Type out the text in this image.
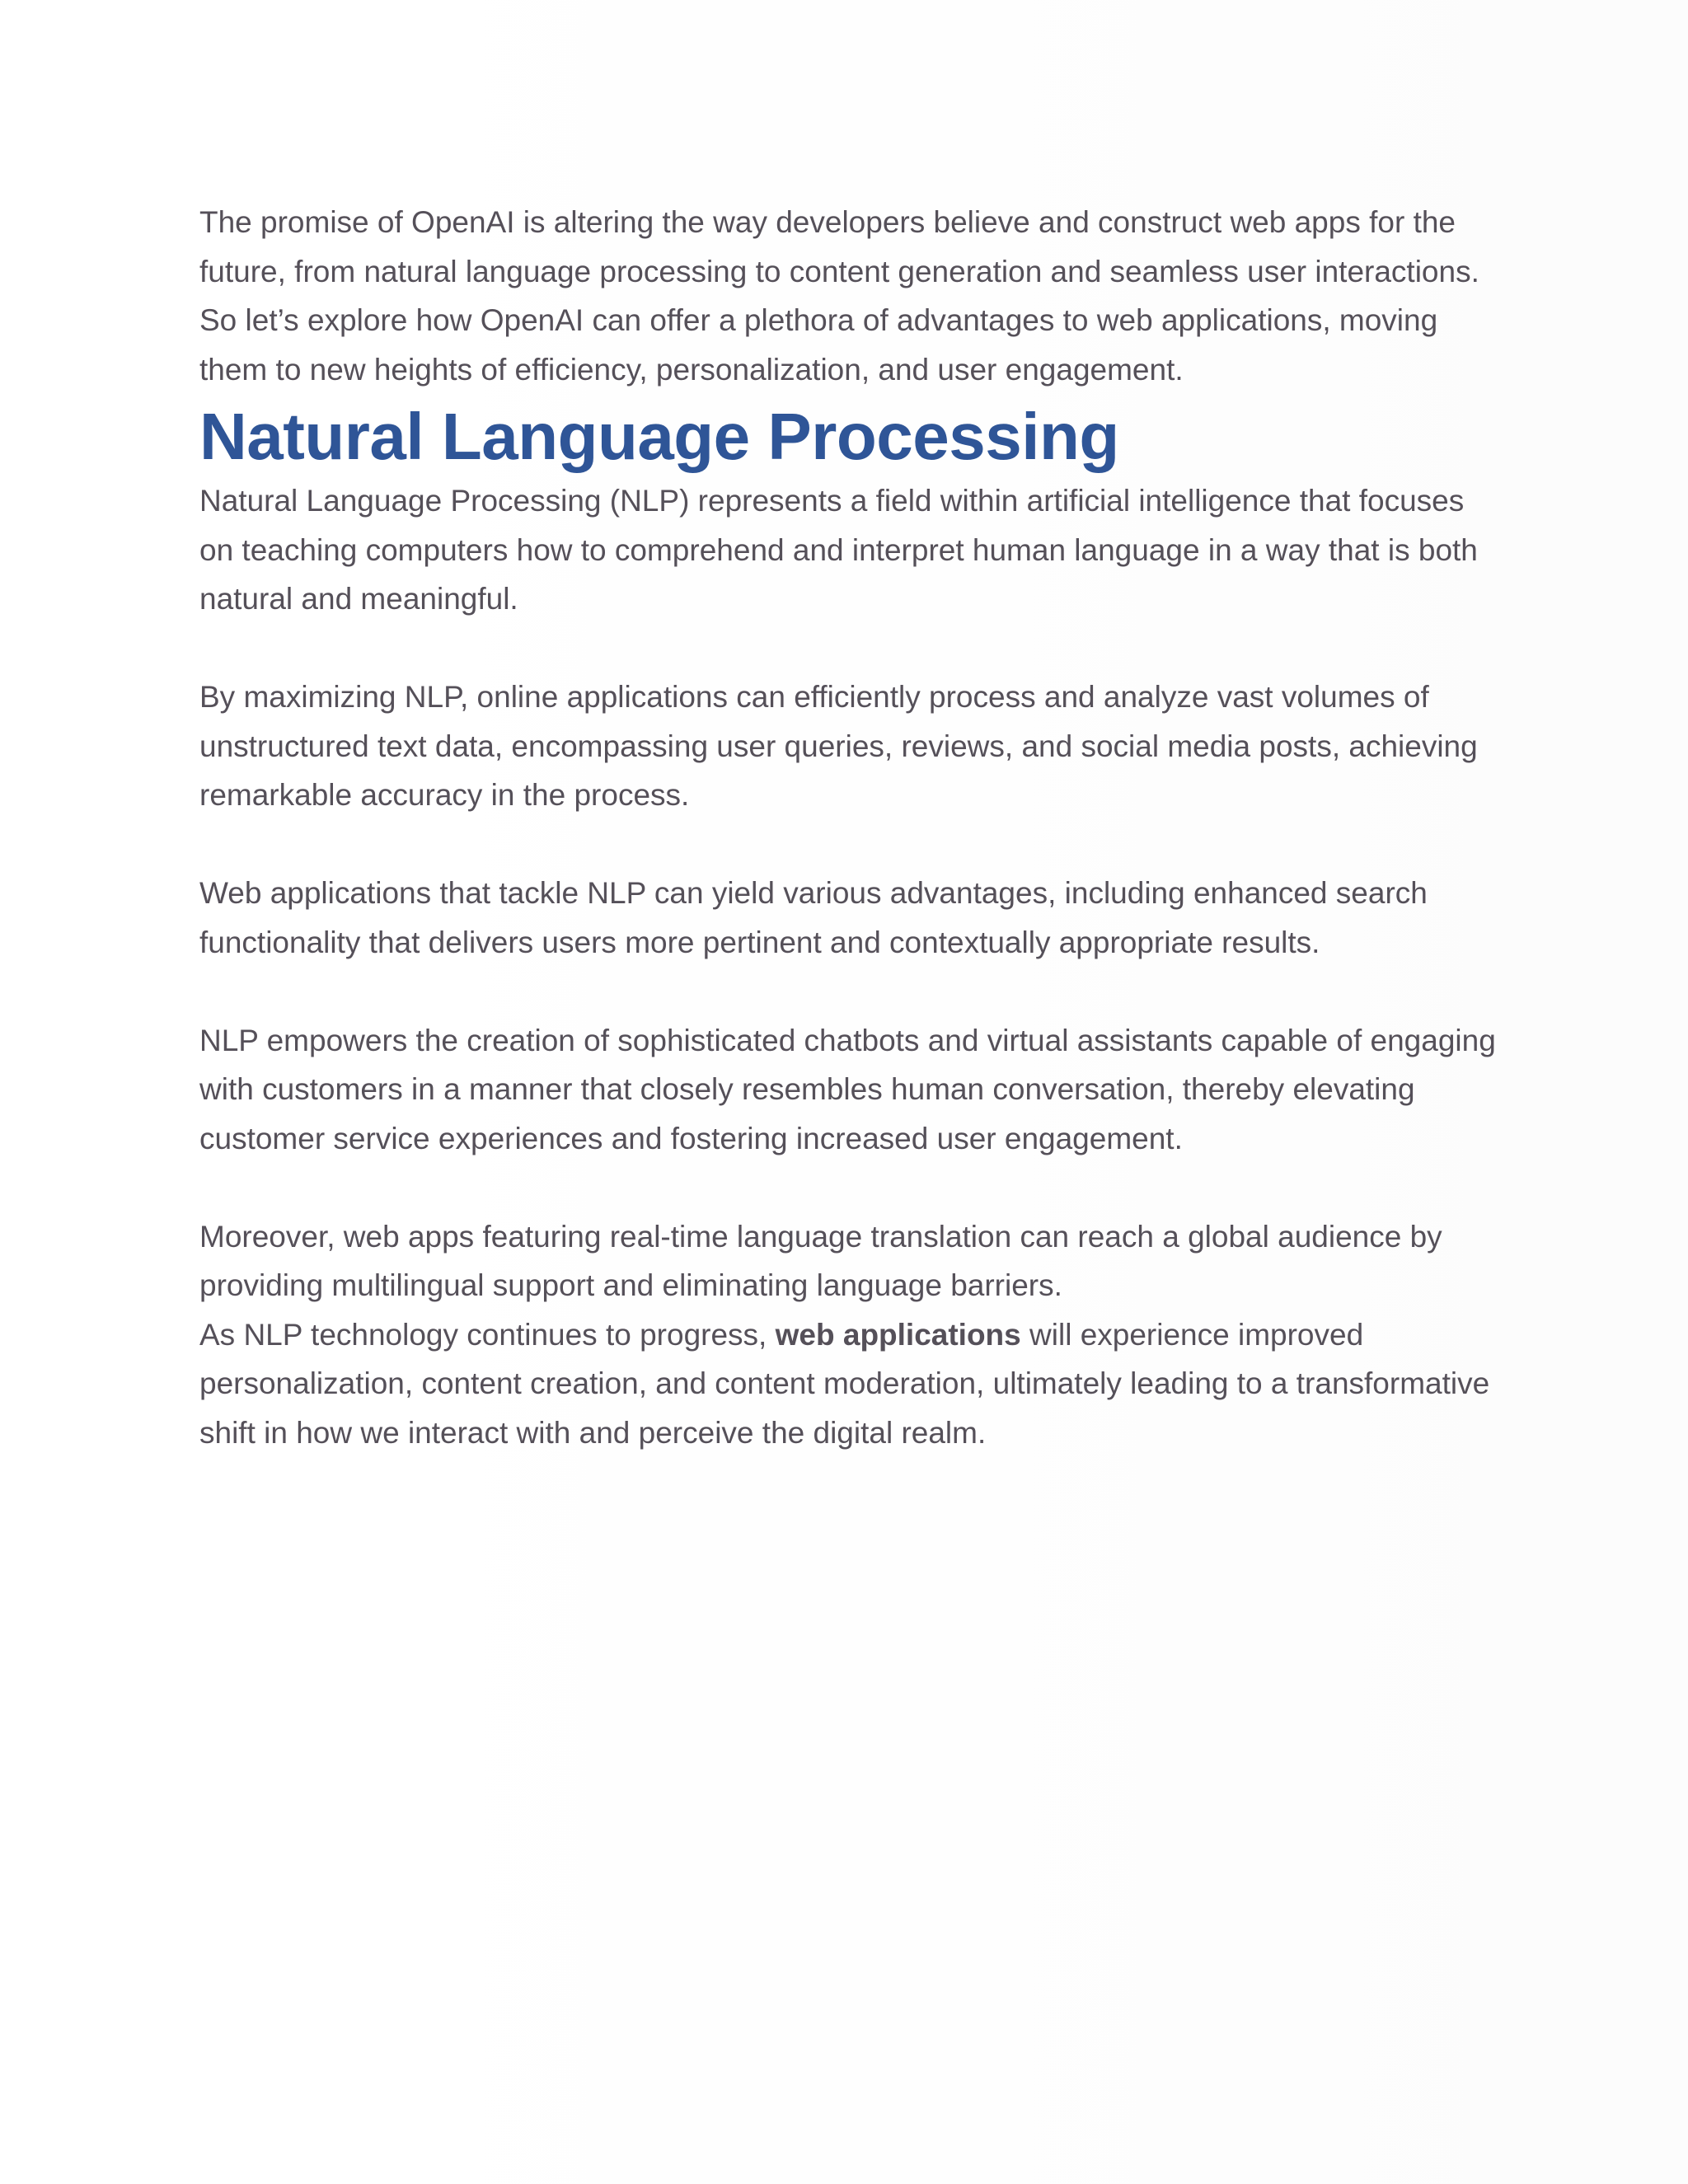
The promise of OpenAI is altering the way developers believe and construct web apps for the future, from natural language processing to content generation and seamless user interactions. So let’s explore how OpenAI can offer a plethora of advantages to web applications, moving them to new heights of efficiency, personalization, and user engagement.

Natural Language Processing

Natural Language Processing (NLP) represents a field within artificial intelligence that focuses on teaching computers how to comprehend and interpret human language in a way that is both natural and meaningful.

By maximizing NLP, online applications can efficiently process and analyze vast volumes of unstructured text data, encompassing user queries, reviews, and social media posts, achieving remarkable accuracy in the process.

Web applications that tackle NLP can yield various advantages, including enhanced search functionality that delivers users more pertinent and contextually appropriate results.

NLP empowers the creation of sophisticated chatbots and virtual assistants capable of engaging with customers in a manner that closely resembles human conversation, thereby elevating customer service experiences and fostering increased user engagement.

Moreover, web apps featuring real-time language translation can reach a global audience by providing multilingual support and eliminating language barriers.

As NLP technology continues to progress, web applications will experience improved personalization, content creation, and content moderation, ultimately leading to a transformative shift in how we interact with and perceive the digital realm.
